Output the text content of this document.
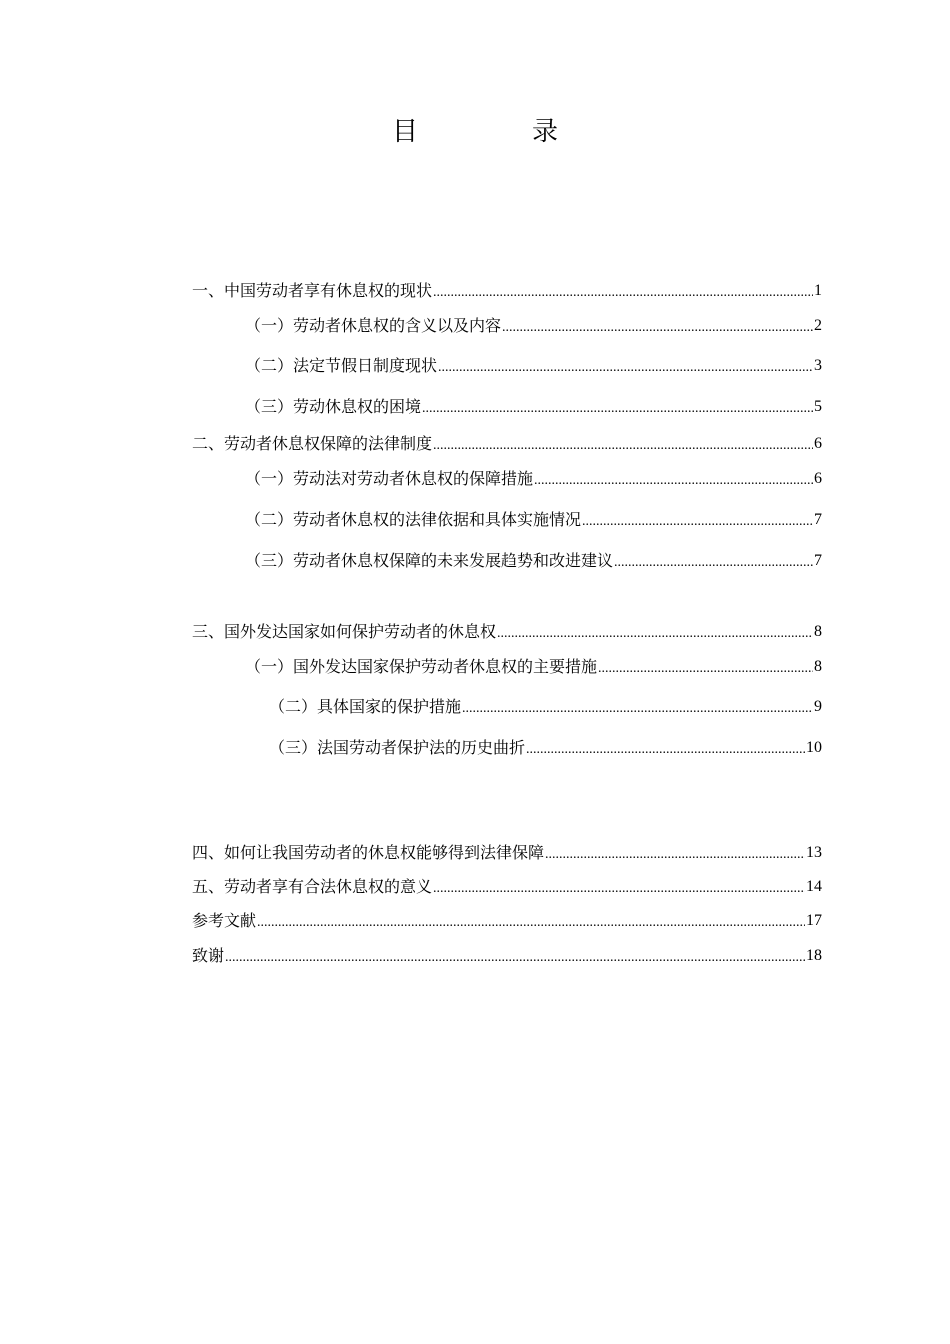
目　录
一、中国劳动者享有休息权的现状 .....	1
（一）劳动者休息权的含义以及内容 .....	2
（二）法定节假日制度现状 .....	3
（三）劳动休息权的困境 .....	5
二、劳动者休息权保障的法律制度 .....	6
（一）劳动法对劳动者休息权的保障措施 .....	6
（二）劳动者休息权的法律依据和具体实施情况 .....	7
（三）劳动者休息权保障的未来发展趋势和改进建议 .....	7
三、国外发达国家如何保护劳动者的休息权 .....	8
（一）国外发达国家保护劳动者休息权的主要措施 .....	8
（二）具体国家的保护措施 .....	9
（三）法国劳动者保护法的历史曲折 .....	10
四、如何让我国劳动者的休息权能够得到法律保障 .....	13
五、劳动者享有合法休息权的意义 .....	14
参考文献 .....	17
致谢 .....	18
